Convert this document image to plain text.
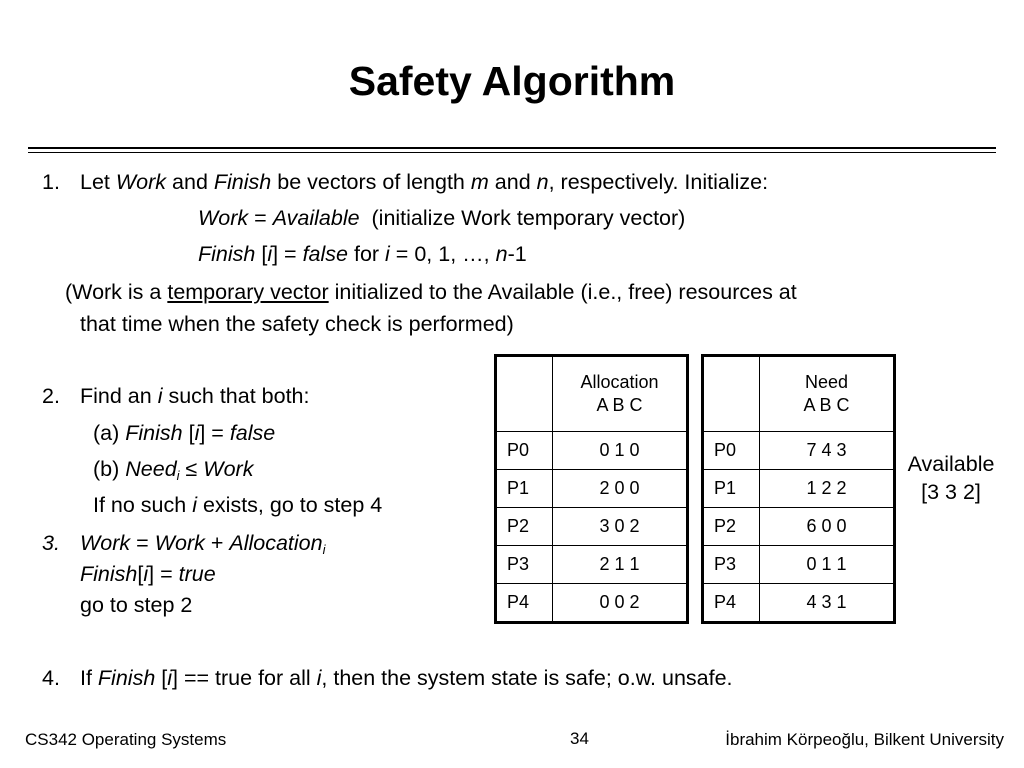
Safety Algorithm
1. Let Work and Finish be vectors of length m and n, respectively. Initialize:
Work = Available  (initialize Work temporary vector)
Finish [i] = false for i = 0, 1, …, n-1
(Work is a temporary vector initialized to the Available (i.e., free) resources at
that time when the safety check is performed)
2. Find an i such that both:
(a) Finish [i] = false
(b) Need$_i$ ≤ Work
If no such i exists, go to step 4
3. Work = Work + Allocation$_i$
Finish[i] = true
go to step 2
	Allocation
A B C
P0	0 1 0
P1	2 0 0
P2	3 0 2
P3	2 1 1
P4	0 0 2
	Need
A B C
P0	7 4 3
P1	1 2 2
P2	6 0 0
P3	0 1 1
P4	4 3 1
Available
[3 3 2]
4. If Finish [i] == true for all i, then the system state is safe; o.w. unsafe.
CS342 Operating Systems	34	İbrahim Körpeoğlu, Bilkent University
